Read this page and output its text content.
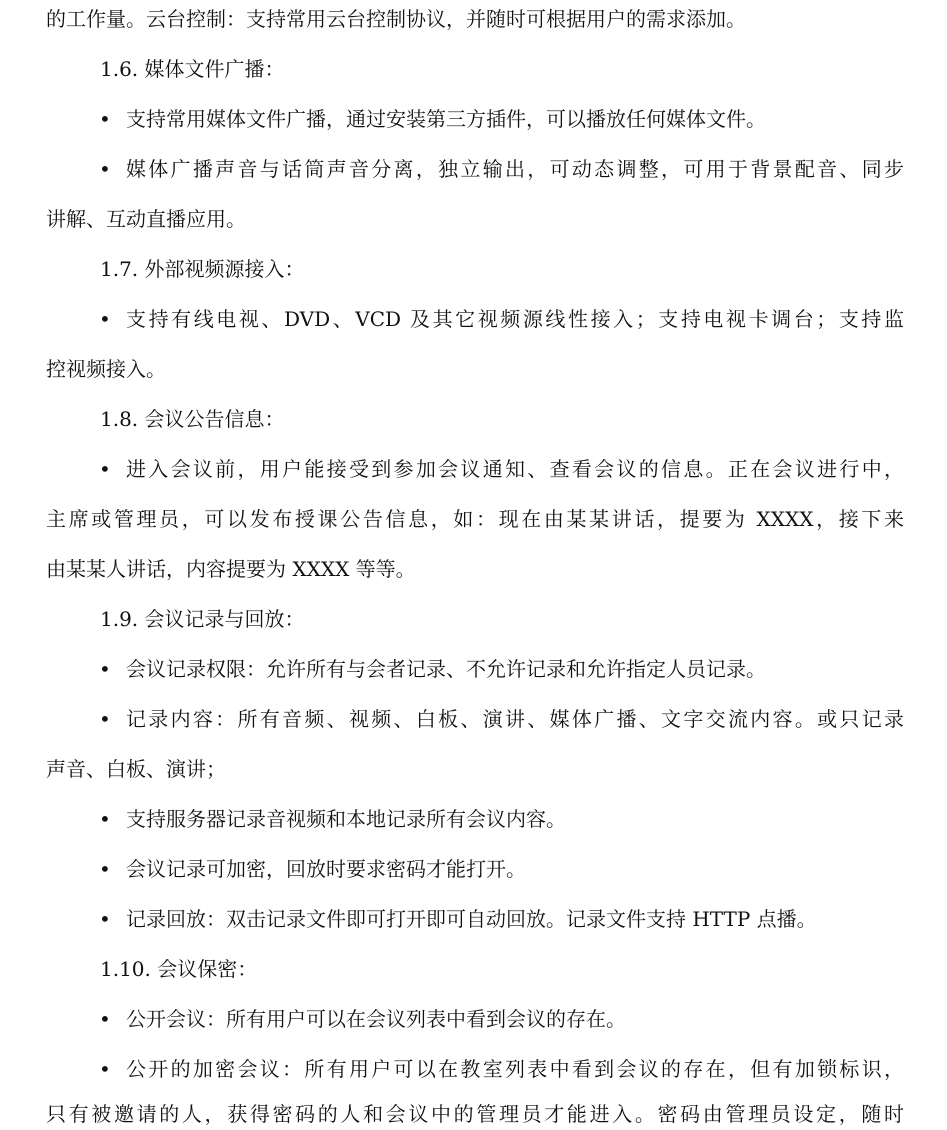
的工作量。云台控制：支持常用云台控制协议，并随时可根据用户的需求添加。
1.6. 媒体文件广播：
• 支持常用媒体文件广播，通过安装第三方插件，可以播放任何媒体文件。
• 媒体广播声音与话筒声音分离，独立输出，可动态调整，可用于背景配音、同步
讲解、互动直播应用。
1.7. 外部视频源接入：
• 支持有线电视、DVD、VCD 及其它视频源线性接入；支持电视卡调台；支持监
控视频接入。
1.8. 会议公告信息：
• 进入会议前，用户能接受到参加会议通知、查看会议的信息。正在会议进行中，
主席或管理员，可以发布授课公告信息，如：现在由某某讲话，提要为 XXXX，接下来
由某某人讲话，内容提要为 XXXX 等等。
1.9. 会议记录与回放：
• 会议记录权限：允许所有与会者记录、不允许记录和允许指定人员记录。
• 记录内容：所有音频、视频、白板、演讲、媒体广播、文字交流内容。或只记录
声音、白板、演讲；
• 支持服务器记录音视频和本地记录所有会议内容。
• 会议记录可加密，回放时要求密码才能打开。
• 记录回放：双击记录文件即可打开即可自动回放。记录文件支持 HTTP 点播。
1.10. 会议保密：
• 公开会议：所有用户可以在会议列表中看到会议的存在。
• 公开的加密会议：所有用户可以在教室列表中看到会议的存在，但有加锁标识，
只有被邀请的人，获得密码的人和会议中的管理员才能进入。密码由管理员设定，随时
